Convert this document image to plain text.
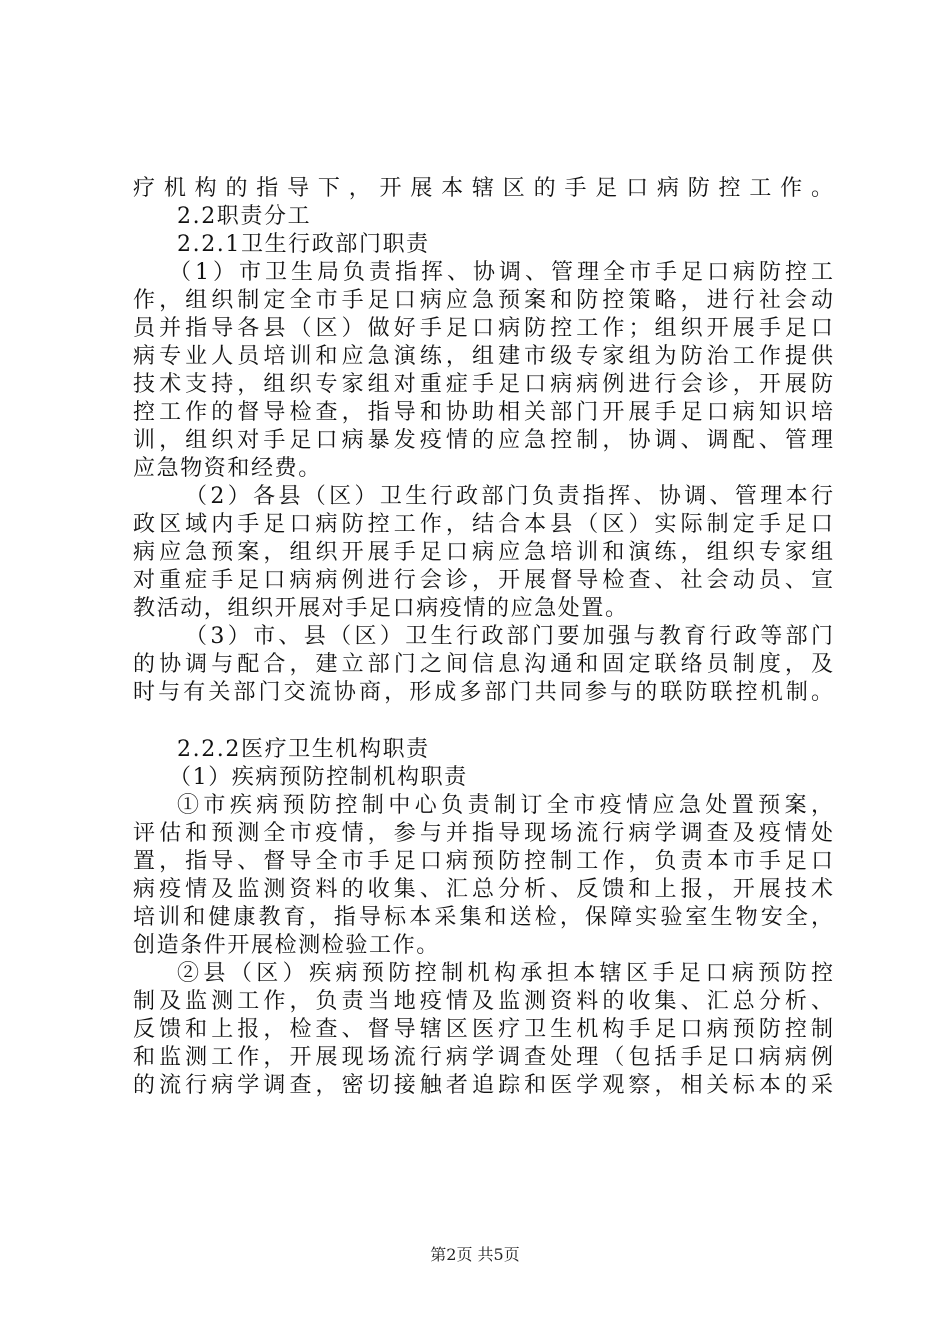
疗机构的指导下，开展本辖区的手足口病防控工作。
2.2职责分工
2.2.1卫生行政部门职责
（1）市卫生局负责指挥、协调、管理全市手足口病防控工
作，组织制定全市手足口病应急预案和防控策略，进行社会动
员并指导各县（区）做好手足口病防控工作；组织开展手足口
病专业人员培训和应急演练，组建市级专家组为防治工作提供
技术支持，组织专家组对重症手足口病病例进行会诊，开展防
控工作的督导检查，指导和协助相关部门开展手足口病知识培
训，组织对手足口病暴发疫情的应急控制，协调、调配、管理
应急物资和经费。
（2）各县（区）卫生行政部门负责指挥、协调、管理本行
政区域内手足口病防控工作，结合本县（区）实际制定手足口
病应急预案，组织开展手足口病应急培训和演练，组织专家组
对重症手足口病病例进行会诊，开展督导检查、社会动员、宣
教活动，组织开展对手足口病疫情的应急处置。
（3）市、县（区）卫生行政部门要加强与教育行政等部门
的协调与配合，建立部门之间信息沟通和固定联络员制度，及
时与有关部门交流协商，形成多部门共同参与的联防联控机制。
2.2.2医疗卫生机构职责
（1）疾病预防控制机构职责
①市疾病预防控制中心负责制订全市疫情应急处置预案，
评估和预测全市疫情，参与并指导现场流行病学调查及疫情处
置，指导、督导全市手足口病预防控制工作，负责本市手足口
病疫情及监测资料的收集、汇总分析、反馈和上报，开展技术
培训和健康教育，指导标本采集和送检，保障实验室生物安全，
创造条件开展检测检验工作。
②县（区）疾病预防控制机构承担本辖区手足口病预防控
制及监测工作，负责当地疫情及监测资料的收集、汇总分析、
反馈和上报，检查、督导辖区医疗卫生机构手足口病预防控制
和监测工作，开展现场流行病学调查处理（包括手足口病病例
的流行病学调查，密切接触者追踪和医学观察，相关标本的采
第2页 共5页
